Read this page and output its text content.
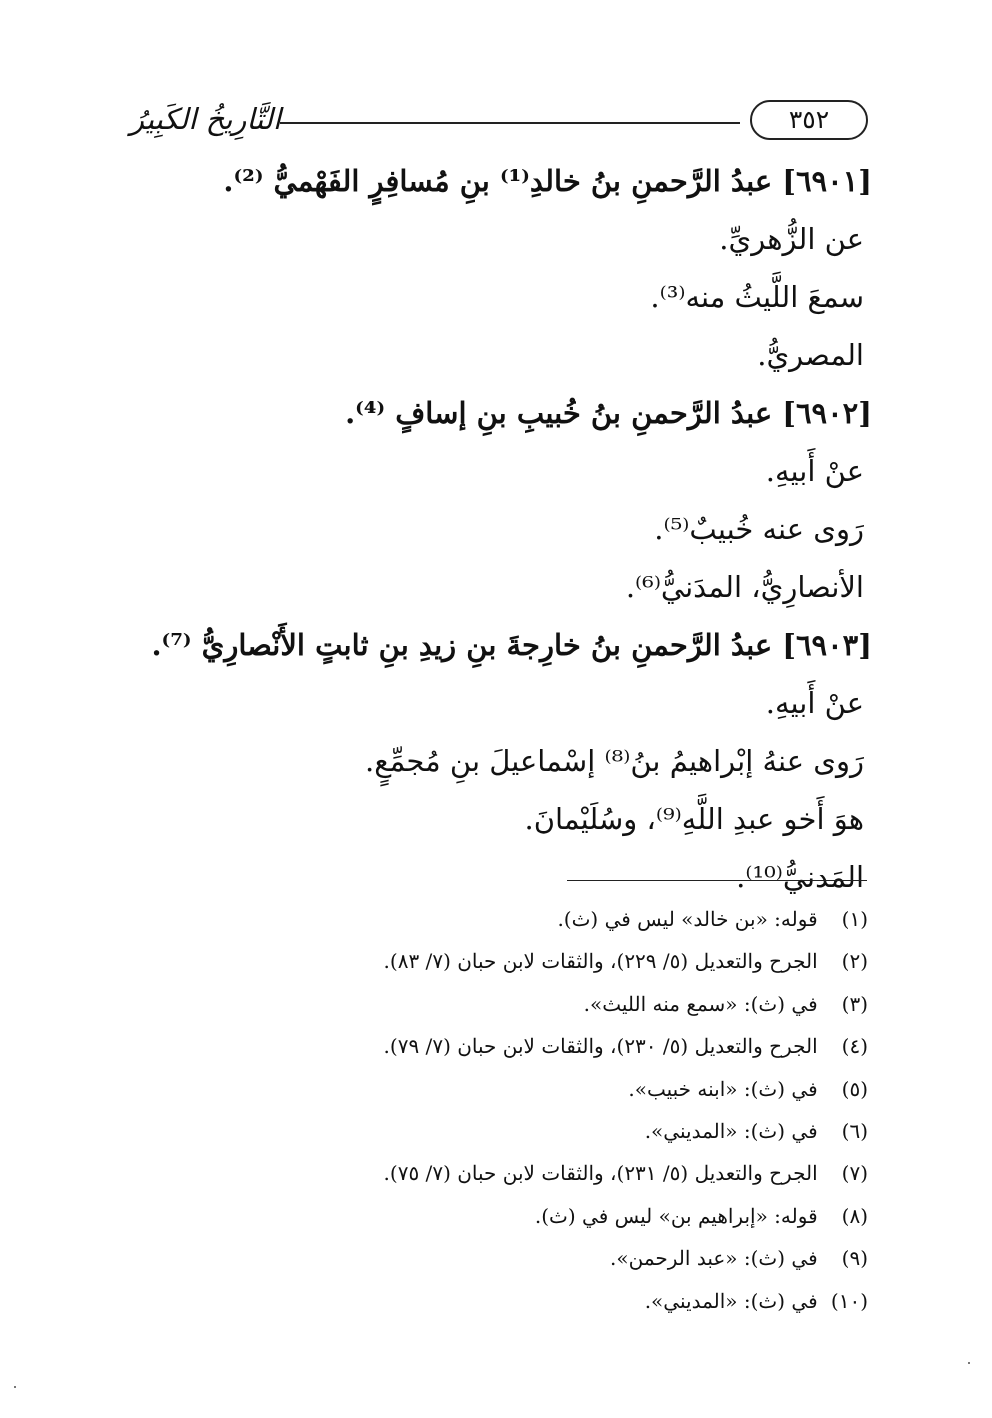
التَّارِيخُ الكَبِيرُ	٣٥٢
[٦٩٠١] عبدُ الرَّحمنِ بنُ خالدِ⁽¹⁾ بنِ مُسافِرٍ الفَهْميُّ ⁽²⁾.
عن الزُّهريِّ.
سمعَ اللَّيثُ منه⁽³⁾.
المصريُّ.
[٦٩٠٢] عبدُ الرَّحمنِ بنُ خُبيبِ بنِ إسافٍ ⁽⁴⁾.
عنْ أَبيهِ.
رَوى عنه خُبيبٌ⁽⁵⁾.
الأنصارِيُّ، المدَنيُّ⁽⁶⁾.
[٦٩٠٣] عبدُ الرَّحمنِ بنُ خارِجةَ بنِ زيدِ بنِ ثابتٍ الأَنْصارِيُّ ⁽⁷⁾.
عنْ أَبيهِ.
رَوى عنهُ إبْراهيمُ بنُ⁽⁸⁾ إسْماعيلَ بنِ مُجمِّعٍ.
هوَ أَخو عبدِ اللَّهِ⁽⁹⁾، وسُلَيْمانَ.
المَدنيُّ⁽¹⁰⁾.
(١) قوله: «بن خالد» ليس في (ث).
(٢) الجرح والتعديل (٥/ ٢٢٩)، والثقات لابن حبان (٧/ ٨٣).
(٣) في (ث): «سمع منه الليث».
(٤) الجرح والتعديل (٥/ ٢٣٠)، والثقات لابن حبان (٧/ ٧٩).
(٥) في (ث): «ابنه خبيب».
(٦) في (ث): «المديني».
(٧) الجرح والتعديل (٥/ ٢٣١)، والثقات لابن حبان (٧/ ٧٥).
(٨) قوله: «إبراهيم بن» ليس في (ث).
(٩) في (ث): «عبد الرحمن».
(١٠) في (ث): «المديني».
